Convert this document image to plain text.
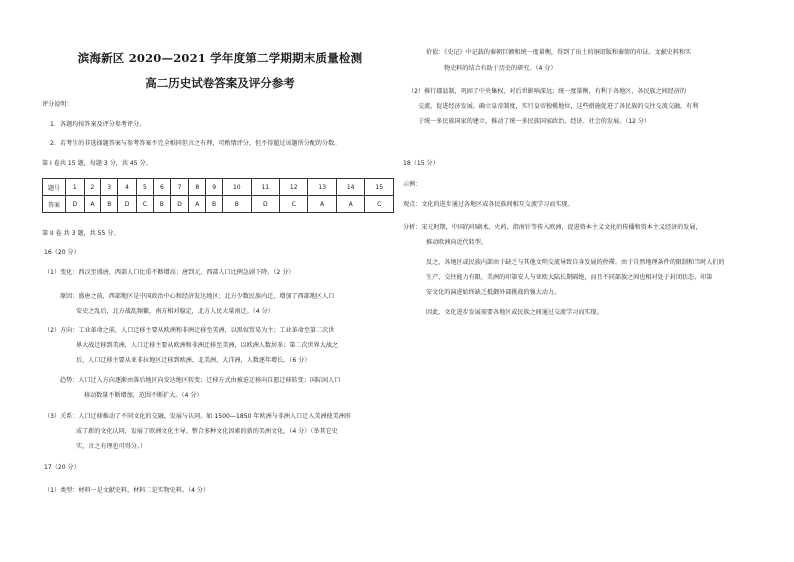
滨海新区 2020—2021 学年度第二学期期末质量检测
高二历史试卷答案及评分参考
评分说明：
1．各题均按答案及评分参考评分。
2．若考生的非选择题答案与参考答案不完全相同但言之有理，可酌情评分，但不得超过该题所分配的分数。
第 I 卷共 15 题，每题 3 分，共 45 分。
题号	1	2	3	4	5	6	7	8	9	10	11	12	13	14	15
答案	D	A	B	D	C	B	D	A	B	B	D	C	A	A	C
第 II 卷 共 3 题，共 55 分。
16（20 分）
（1）变化：西汉至盛唐，西部人口比重不断增高；唐到元，西部人口比例急剧下降。（2 分）
原因：盛唐之前，西部地区是中国政治中心和经济发达地区；北方少数民族内迁，增加了西部地区人口
安史之乱后，北方战乱频繁，南方相对稳定，北方人民大量南迁。（4 分）
（2）方向：工业革命之前，人口迁移主要从欧洲和非洲迁移至美洲，以黑奴贸易为主；工业革命至第二次世
界大战迁移到美洲，人口迁移主要从欧洲和非洲迁移至美洲，以欧洲人数居多；第二次世界大战之
后，人口迁移主要从亚非拉地区迁移到欧洲、北美洲、大洋洲，人数逐年增长。（6 分）
趋势：人口迁入方向逐渐由落后地区向发达地区转变；迁移方式由被迫迁移向自愿迁移转变；国际间人口
移动数量不断增加，范围不断扩大。（4 分）
（3）关系：人口迁移推动了不同文化的交融、发展与认同。如 1500—1850 年欧洲与非洲人口迁入美洲使美洲形
成了新的文化认同，发展了欧洲文化主导、整合多种文化因素的新的美洲文化。（4 分）（举其它史
实，言之有理也可得分。）
17（20 分）
（1）类型：材料一是文献史料，材料二是实物史料。（4 分）
价值：《史记》中记载的秦朝巨额和统一度量衡，得到了出土的铜诏版和秦简的印证。文献史料和实
物史料的结合有助于历史的研究。（4 分）
（2）推行郡县制，巩固了中央集权，对后世影响深远；统一度量衡，有利于各地区、各民族之间经济的
交流，促进经济发展，确立皇帝制度，实行皇帝独揽地位，这些措施促进了各民族的交往交流交融，有利
于统一多民族国家的建立，推动了统一多民族国家政治、经济、社会的发展。（12 分）
18（15 分）
示例：
观点：文化的进步通过各地区或各民族间相互交流学习而实现。
分析：宋元时期，中国的印刷术、火药、指南针等传入欧洲，促进资本主义文化的传播和资本主义经济的发展，
推动欧洲向近代转型。
反之，各地区或民族内部由于缺乏与其他文明交流导致自身发展的停滞。由于自然地理条件的限制和当时人们的
生产、交往能力有限，美洲的印第安人与亚欧大陆长期隔绝，而且不同部族之间也相对处于封闭状态，印第
安文化的演进始终缺乏抵御外部挑战的强大动力。
因此，文化进步发展需要各地区或民族之间通过交流学习而实现。
